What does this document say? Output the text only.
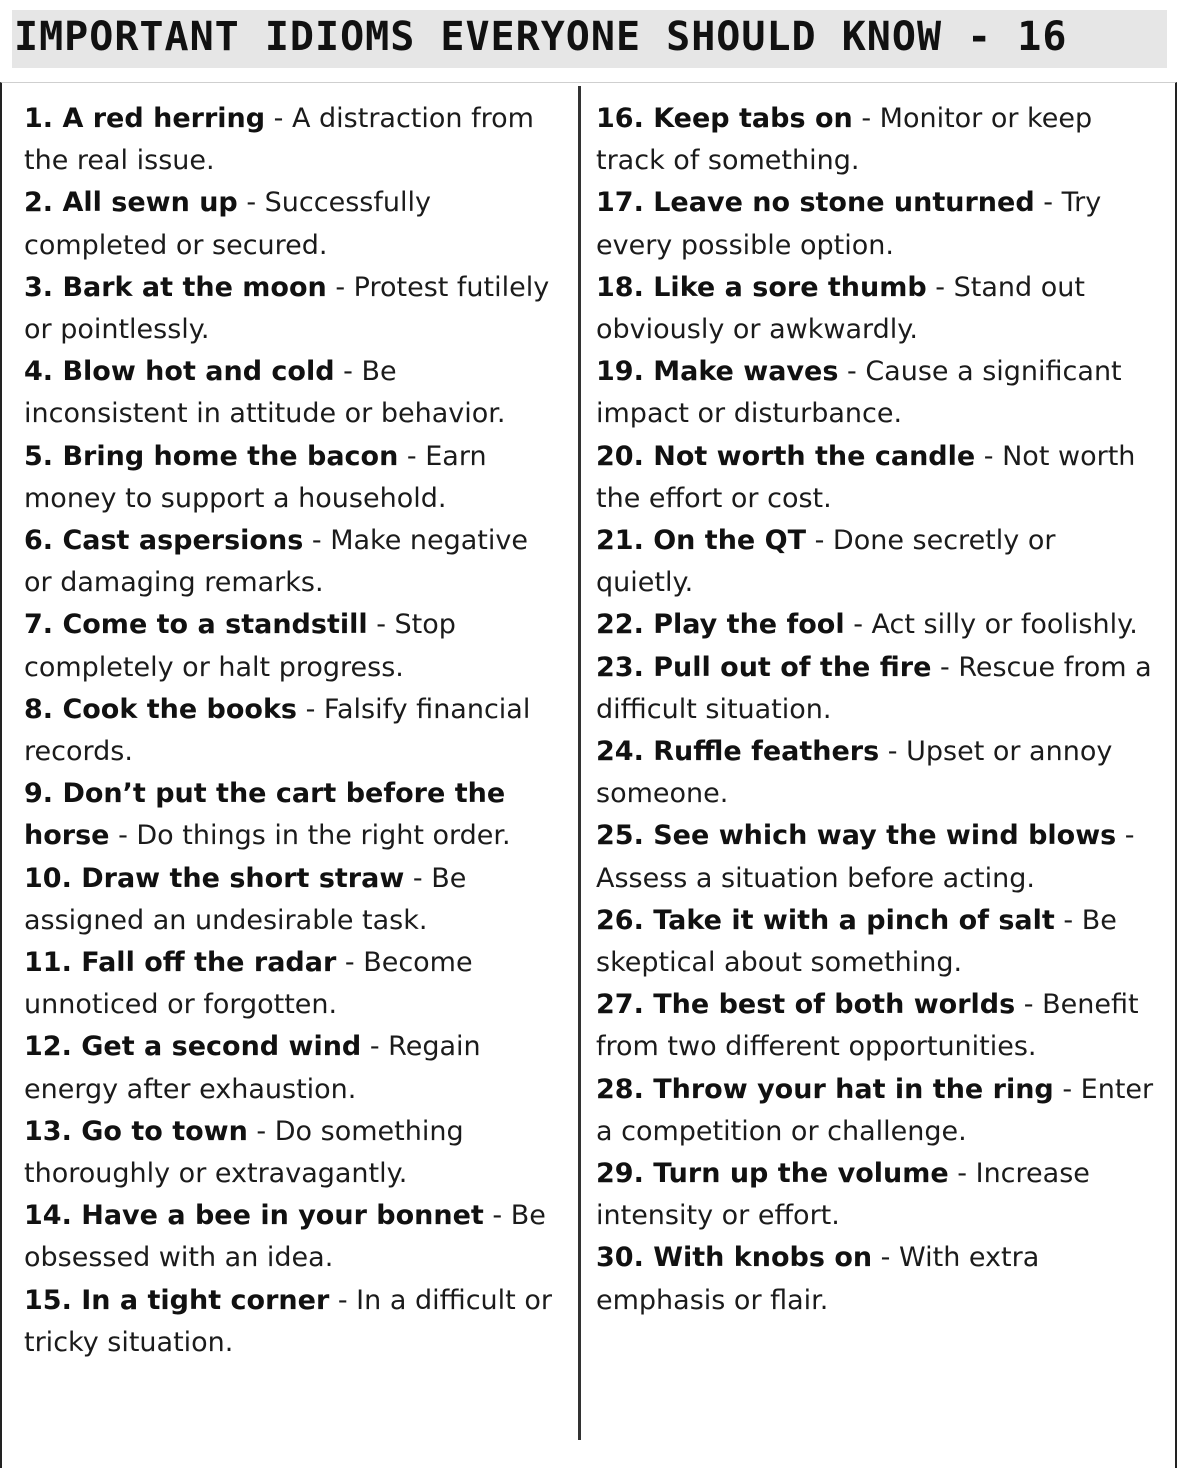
IMPORTANT IDIOMS EVERYONE SHOULD KNOW - 16

1. A red herring - A distraction from the real issue.

2. All sewn up - Successfully completed or secured.

3. Bark at the moon - Protest futilely or pointlessly.

4. Blow hot and cold - Be inconsistent in attitude or behavior.

5. Bring home the bacon - Earn money to support a household.

6. Cast aspersions - Make negative or damaging remarks.

7. Come to a standstill - Stop completely or halt progress.

8. Cook the books - Falsify financial records.

9. Don’t put the cart before the horse - Do things in the right order.

10. Draw the short straw - Be assigned an undesirable task.

11. Fall off the radar - Become unnoticed or forgotten.

12. Get a second wind - Regain energy after exhaustion.

13. Go to town - Do something thoroughly or extravagantly.

14. Have a bee in your bonnet - Be obsessed with an idea.

15. In a tight corner - In a difficult or tricky situation.

16. Keep tabs on - Monitor or keep track of something.

17. Leave no stone unturned - Try every possible option.

18. Like a sore thumb - Stand out obviously or awkwardly.

19. Make waves - Cause a significant impact or disturbance.

20. Not worth the candle - Not worth the effort or cost.

21. On the QT - Done secretly or quietly.

22. Play the fool - Act silly or foolishly.

23. Pull out of the fire - Rescue from a difficult situation.

24. Ruffle feathers - Upset or annoy someone.

25. See which way the wind blows - Assess a situation before acting.

26. Take it with a pinch of salt - Be skeptical about something.

27. The best of both worlds - Benefit from two different opportunities.

28. Throw your hat in the ring - Enter a competition or challenge.

29. Turn up the volume - Increase intensity or effort.

30. With knobs on - With extra emphasis or flair.
